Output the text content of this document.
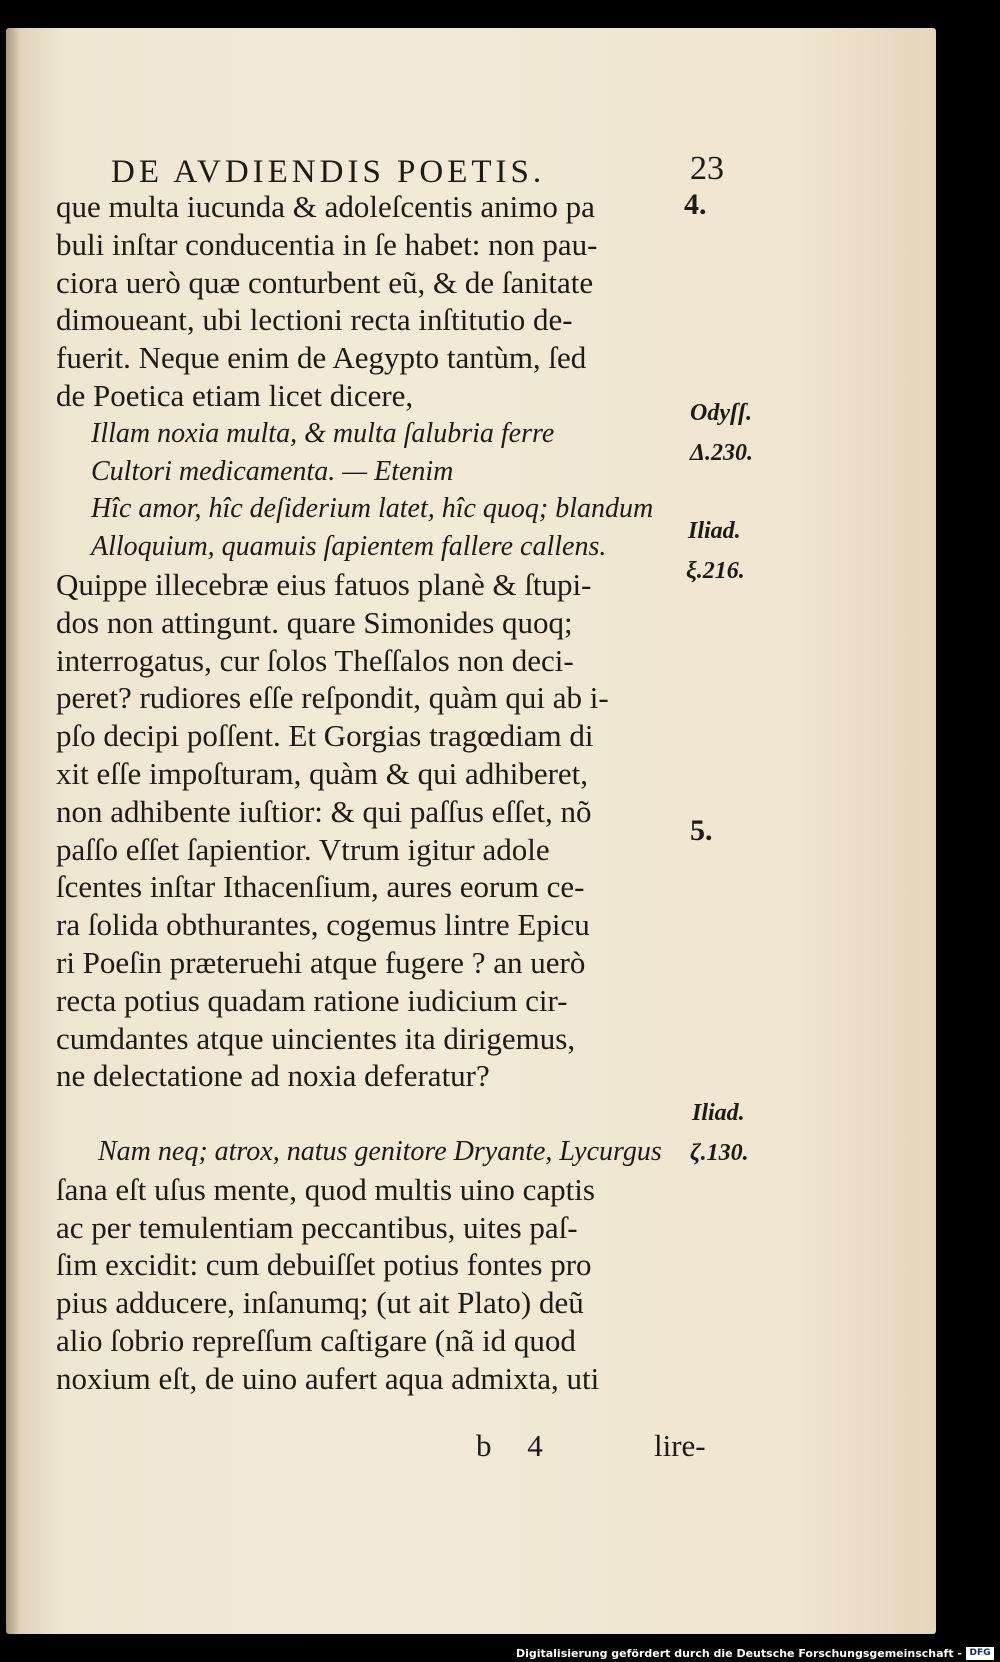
DE AVDIENDIS POETIS.	23
que multa iucunda & adoleſcentis animo pa
buli inſtar conducentia in ſe habet: non pau-
ciora uerò quæ conturbent eũ, & de ſanitate
dimoueant, ubi lectioni recta inſtitutio de-
fuerit. Neque enim de Aegypto tantùm, ſed
de Poetica etiam licet dicere,
Illam noxia multa, & multa ſalubria ferre
Cultori medicamenta. — Etenim
Hîc amor, hîc deſiderium latet, hîc quoq; blandum
Alloquium, quamuis ſapientem fallere callens.
Quippe illecebræ eius fatuos planè & ſtupi-
dos non attingunt. quare Simonides quoq;
interrogatus, cur ſolos Theſſalos non deci-
peret? rudiores eſſe reſpondit, quàm qui ab i-
pſo decipi poſſent. Et Gorgias tragœdiam di
xit eſſe impoſturam, quàm & qui adhiberet,
non adhibente iuſtior: & qui paſſus eſſet, nõ
paſſo eſſet ſapientior. Vtrum igitur adole
ſcentes inſtar Ithacenſium, aures eorum ce-
ra ſolida obthurantes, cogemus lintre Epicu
ri Poeſin præteruehi atque fugere ? an uerò
recta potius quadam ratione iudicium cir-
cumdantes atque uincientes ita dirigemus,
ne delectatione ad noxia deferatur?
Nam neq; atrox, natus genitore Dryante, Lycurgus
ſana eſt uſus mente, quod multis uino captis
ac per temulentiam peccantibus, uites paſ-
ſim excidit: cum debuiſſet potius fontes pro
pius adducere, inſanumq; (ut ait Plato) deũ
alio ſobrio repreſſum caſtigare (nã id quod
noxium eſt, de uino aufert aqua admixta, uti
4.
Odyſſ.
Δ.230.
Iliad.
ξ.216.
5.
Iliad.
ζ.130.
b 4	lire-
Digitalisierung gefördert durch die Deutsche Forschungsgemeinschaft - DFG
